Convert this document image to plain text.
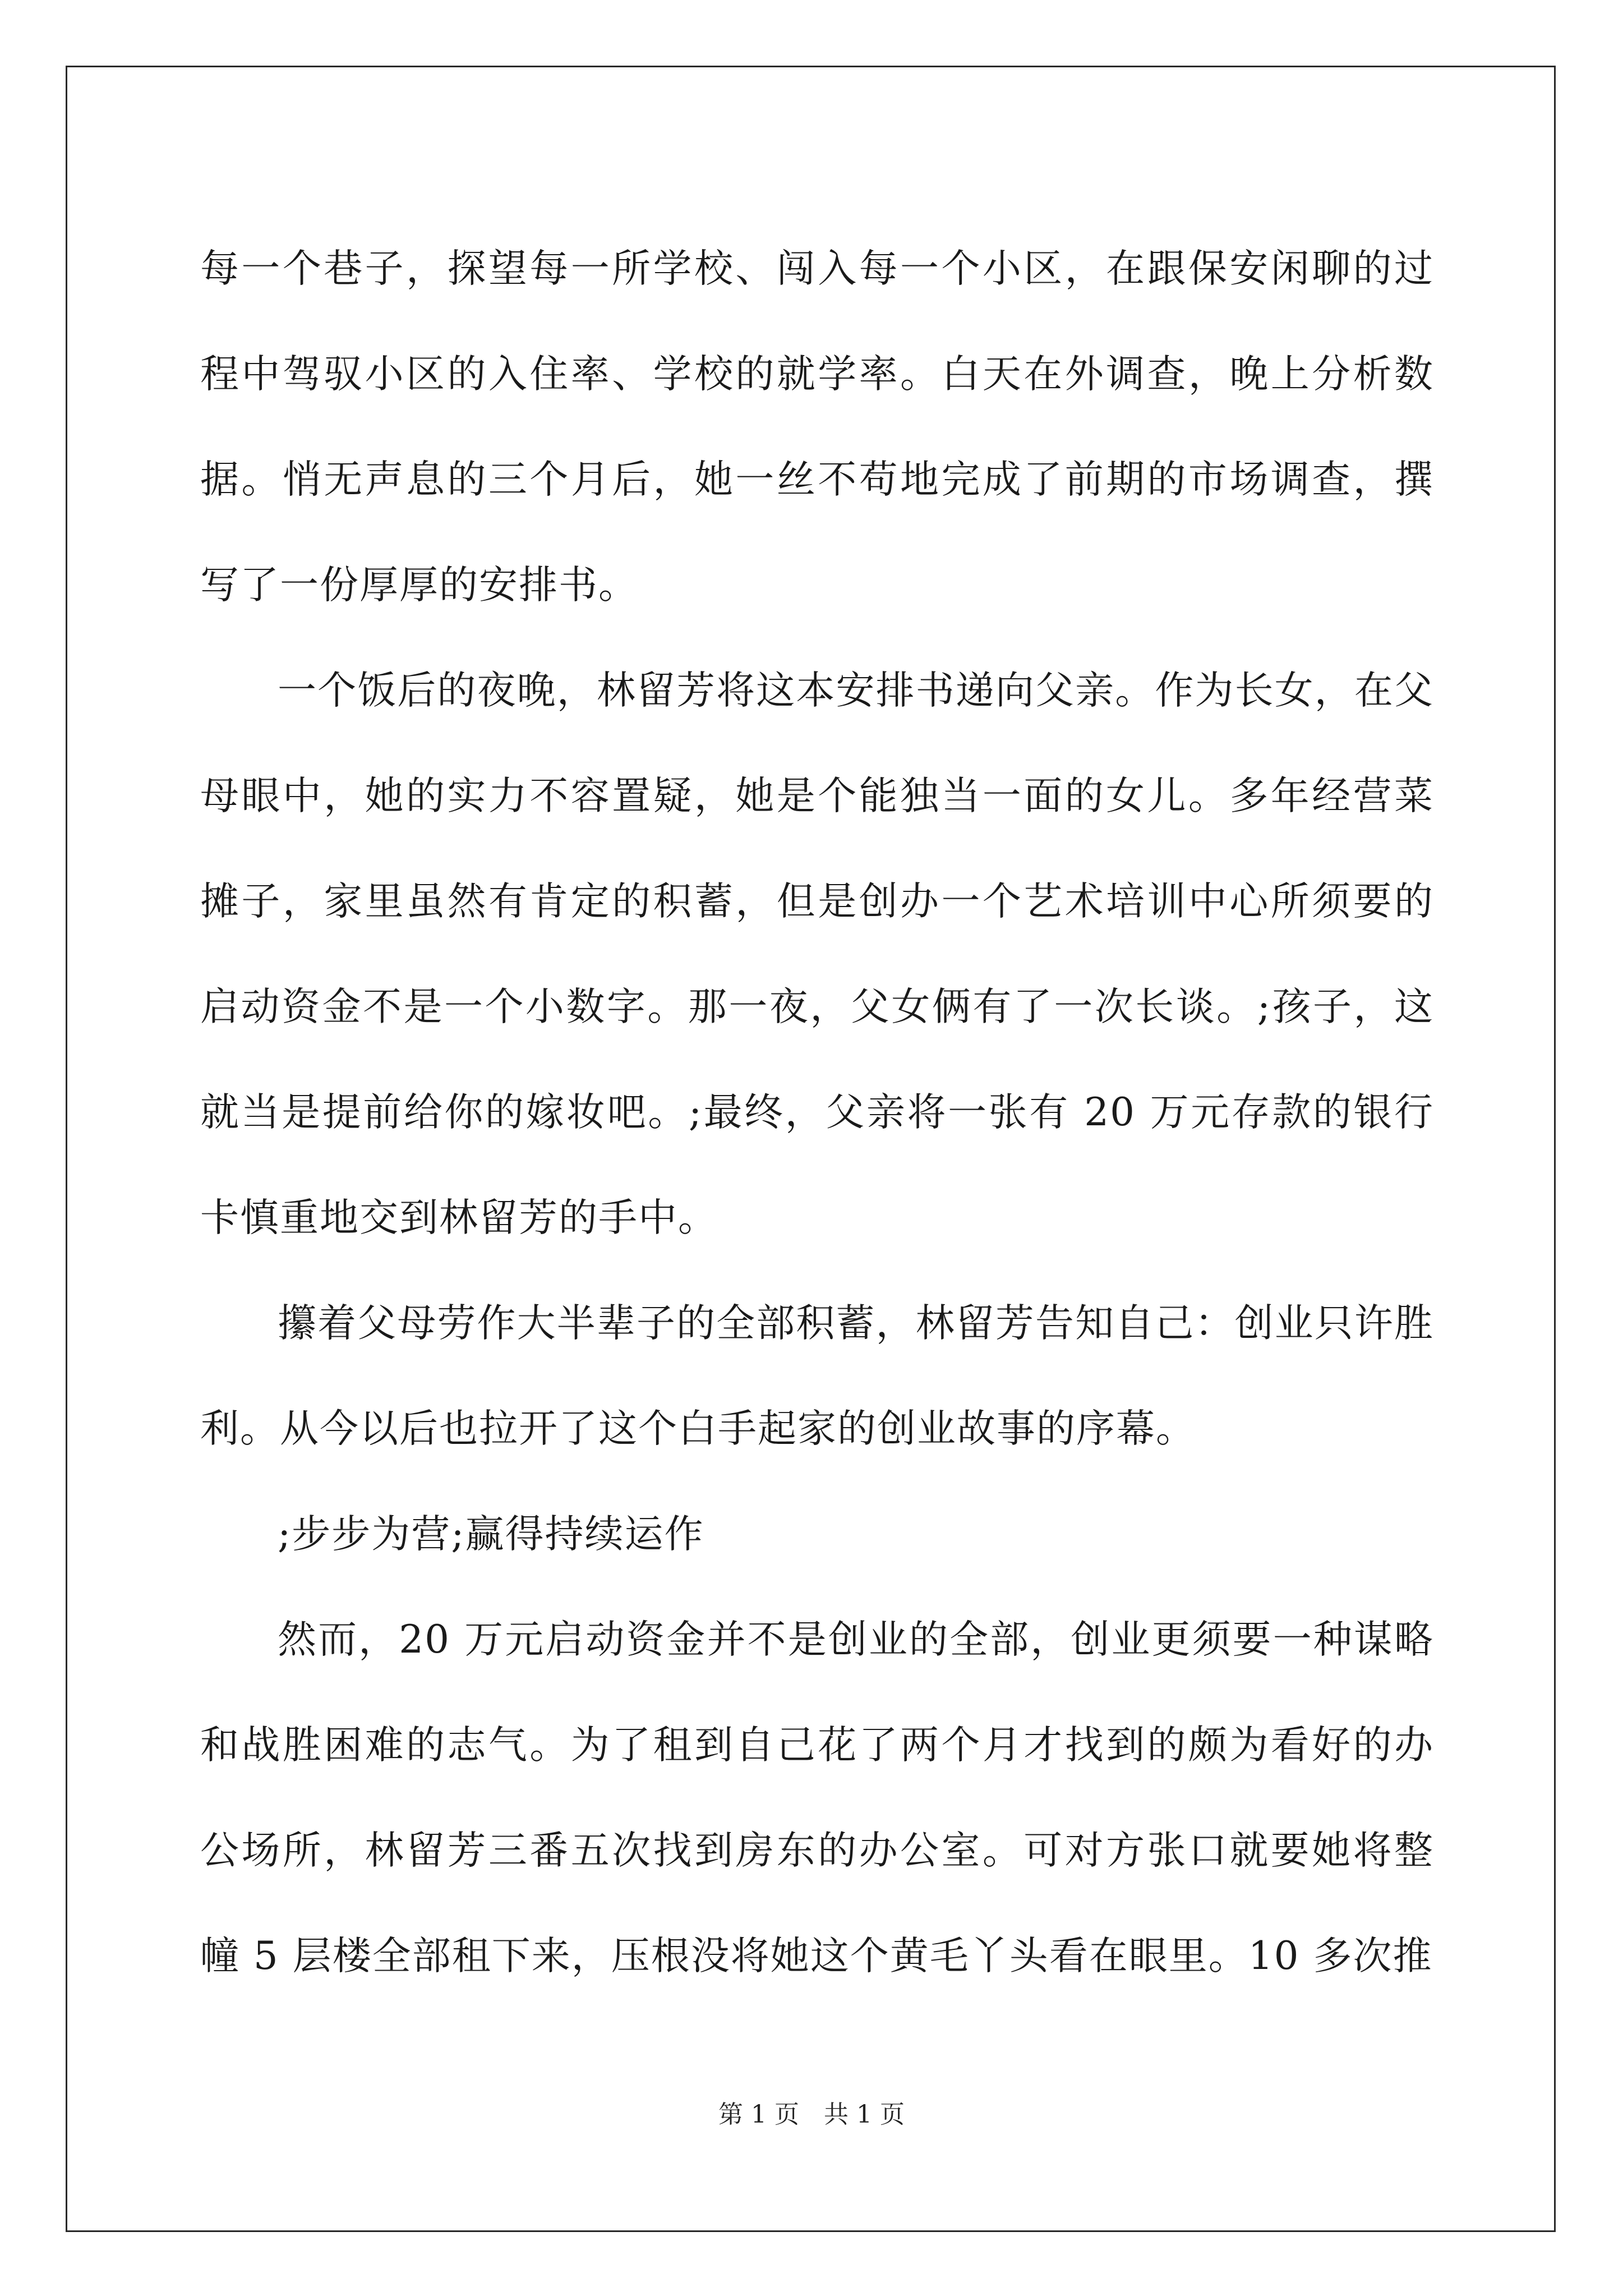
每一个巷子，探望每一所学校、闯入每一个小区，在跟保安闲聊的过程中驾驭小区的入住率、学校的就学率。白天在外调查，晚上分析数据。悄无声息的三个月后，她一丝不苟地完成了前期的市场调查，撰写了一份厚厚的安排书。

一个饭后的夜晚，林留芳将这本安排书递向父亲。作为长女，在父母眼中，她的实力不容置疑，她是个能独当一面的女儿。多年经营菜摊子，家里虽然有肯定的积蓄，但是创办一个艺术培训中心所须要的启动资金不是一个小数字。那一夜，父女俩有了一次长谈。;孩子，这就当是提前给你的嫁妆吧。;最终，父亲将一张有 20 万元存款的银行卡慎重地交到林留芳的手中。

攥着父母劳作大半辈子的全部积蓄，林留芳告知自己：创业只许胜利。从今以后也拉开了这个白手起家的创业故事的序幕。

;步步为营;赢得持续运作

然而，20 万元启动资金并不是创业的全部，创业更须要一种谋略和战胜困难的志气。为了租到自己花了两个月才找到的颇为看好的办公场所，林留芳三番五次找到房东的办公室。可对方张口就要她将整幢 5 层楼全部租下来，压根没将她这个黄毛丫头看在眼里。10 多次推

第 1 页　共 1 页
